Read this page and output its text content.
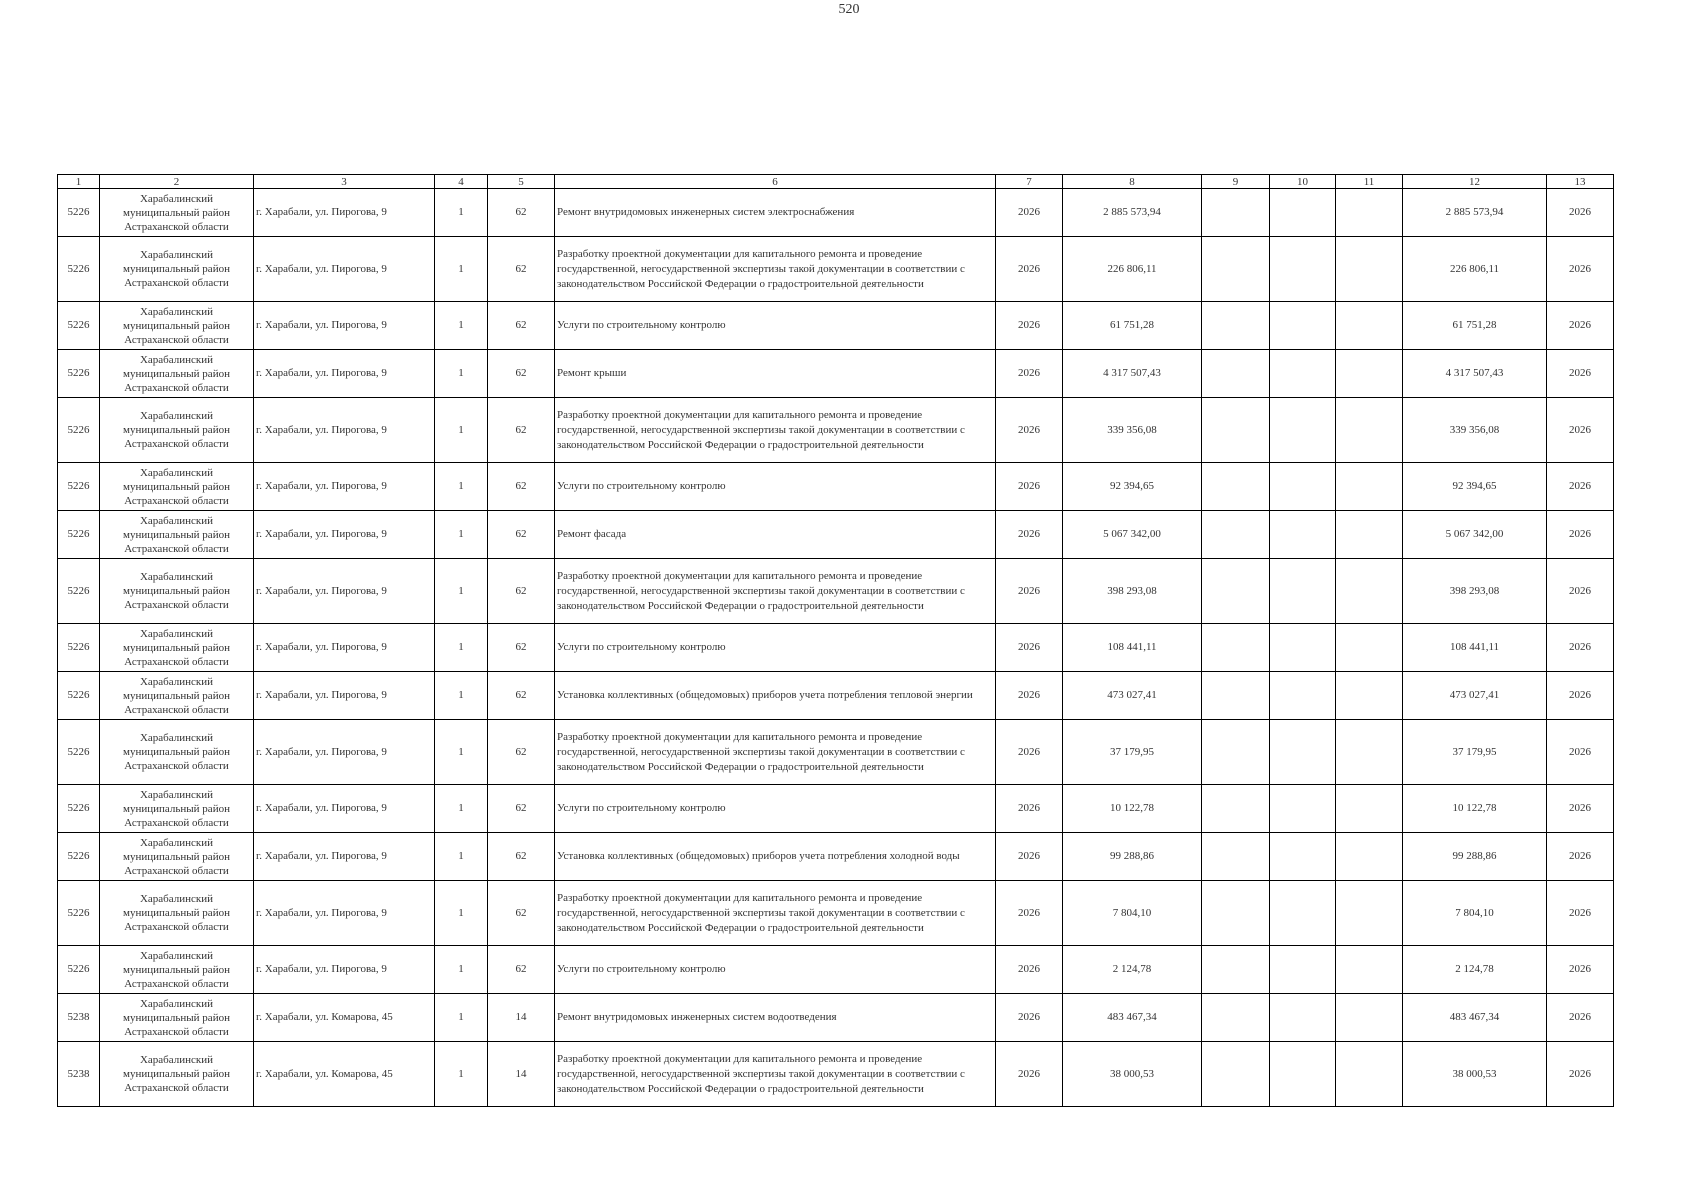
520
1	2	3	4	5	6	7	8	9	10	11	12	13
5226	Харабалинский муниципальный район Астраханской области	г. Харабали, ул. Пирогова, 9	1	62	Ремонт внутридомовых инженерных систем электроснабжения	2026	2 885 573,94				2 885 573,94	2026
5226	Харабалинский муниципальный район Астраханской области	г. Харабали, ул. Пирогова, 9	1	62	Разработку проектной документации для капитального ремонта и проведение государственной, негосударственной экспертизы такой документации в соответствии с законодательством Российской Федерации о градостроительной деятельности	2026	226 806,11				226 806,11	2026
5226	Харабалинский муниципальный район Астраханской области	г. Харабали, ул. Пирогова, 9	1	62	Услуги по строительному контролю	2026	61 751,28				61 751,28	2026
5226	Харабалинский муниципальный район Астраханской области	г. Харабали, ул. Пирогова, 9	1	62	Ремонт крыши	2026	4 317 507,43				4 317 507,43	2026
5226	Харабалинский муниципальный район Астраханской области	г. Харабали, ул. Пирогова, 9	1	62	Разработку проектной документации для капитального ремонта и проведение государственной, негосударственной экспертизы такой документации в соответствии с законодательством Российской Федерации о градостроительной деятельности	2026	339 356,08				339 356,08	2026
5226	Харабалинский муниципальный район Астраханской области	г. Харабали, ул. Пирогова, 9	1	62	Услуги по строительному контролю	2026	92 394,65				92 394,65	2026
5226	Харабалинский муниципальный район Астраханской области	г. Харабали, ул. Пирогова, 9	1	62	Ремонт фасада	2026	5 067 342,00				5 067 342,00	2026
5226	Харабалинский муниципальный район Астраханской области	г. Харабали, ул. Пирогова, 9	1	62	Разработку проектной документации для капитального ремонта и проведение государственной, негосударственной экспертизы такой документации в соответствии с законодательством Российской Федерации о градостроительной деятельности	2026	398 293,08				398 293,08	2026
5226	Харабалинский муниципальный район Астраханской области	г. Харабали, ул. Пирогова, 9	1	62	Услуги по строительному контролю	2026	108 441,11				108 441,11	2026
5226	Харабалинский муниципальный район Астраханской области	г. Харабали, ул. Пирогова, 9	1	62	Установка коллективных (общедомовых) приборов учета потребления тепловой энергии	2026	473 027,41				473 027,41	2026
5226	Харабалинский муниципальный район Астраханской области	г. Харабали, ул. Пирогова, 9	1	62	Разработку проектной документации для капитального ремонта и проведение государственной, негосударственной экспертизы такой документации в соответствии с законодательством Российской Федерации о градостроительной деятельности	2026	37 179,95				37 179,95	2026
5226	Харабалинский муниципальный район Астраханской области	г. Харабали, ул. Пирогова, 9	1	62	Услуги по строительному контролю	2026	10 122,78				10 122,78	2026
5226	Харабалинский муниципальный район Астраханской области	г. Харабали, ул. Пирогова, 9	1	62	Установка коллективных (общедомовых) приборов учета потребления холодной воды	2026	99 288,86				99 288,86	2026
5226	Харабалинский муниципальный район Астраханской области	г. Харабали, ул. Пирогова, 9	1	62	Разработку проектной документации для капитального ремонта и проведение государственной, негосударственной экспертизы такой документации в соответствии с законодательством Российской Федерации о градостроительной деятельности	2026	7 804,10				7 804,10	2026
5226	Харабалинский муниципальный район Астраханской области	г. Харабали, ул. Пирогова, 9	1	62	Услуги по строительному контролю	2026	2 124,78				2 124,78	2026
5238	Харабалинский муниципальный район Астраханской области	г. Харабали, ул. Комарова, 45	1	14	Ремонт внутридомовых инженерных систем водоотведения	2026	483 467,34				483 467,34	2026
5238	Харабалинский муниципальный район Астраханской области	г. Харабали, ул. Комарова, 45	1	14	Разработку проектной документации для капитального ремонта и проведение государственной, негосударственной экспертизы такой документации в соответствии с законодательством Российской Федерации о градостроительной деятельности	2026	38 000,53				38 000,53	2026
